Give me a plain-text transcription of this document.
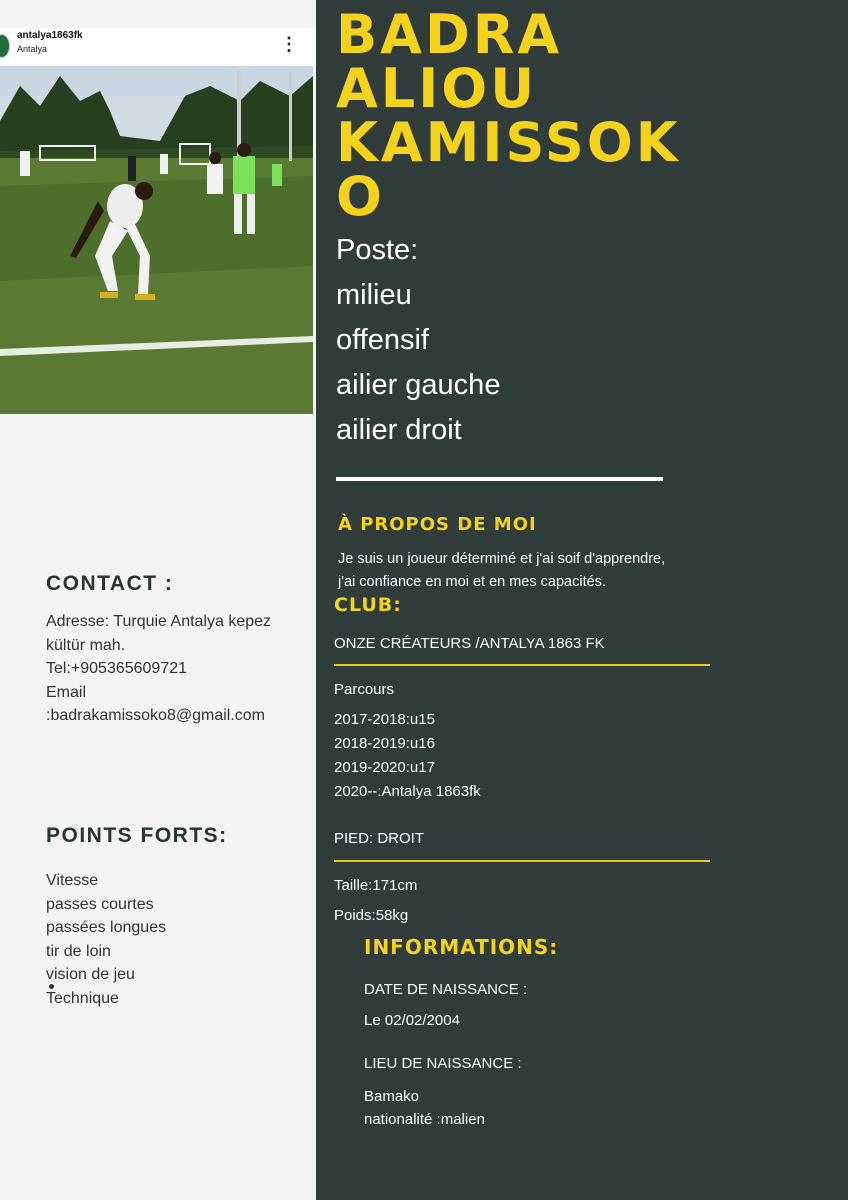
antalya1863fk
Antalya	⋮
CONTACT :
Adresse: Turquie Antalya kepez
kültür mah.
Tel:+905365609721
Email
:badrakamissoko8@gmail.com
POINTS FORTS:
Vitesse
passes courtes
passées longues
tir de loin
vision de jeu
Technique
BADRA
ALIOU
KAMISSOK
O
Poste:
milieu
offensif
ailier gauche
ailier droit
À PROPOS DE MOI
Je suis un joueur déterminé et j'ai soif d'apprendre,
j'ai confiance en moi et en mes capacités.
CLUB:
ONZE CRÉATEURS /ANTALYA 1863 FK
Parcours
2017-2018:u15
2018-2019:u16
2019-2020:u17
2020--:Antalya 1863fk
PIED: DROIT
Taille:171cm
Poids:58kg
INFORMATIONS:
DATE DE NAISSANCE :
Le 02/02/2004
LIEU DE NAISSANCE :
Bamako
nationalité :malien
